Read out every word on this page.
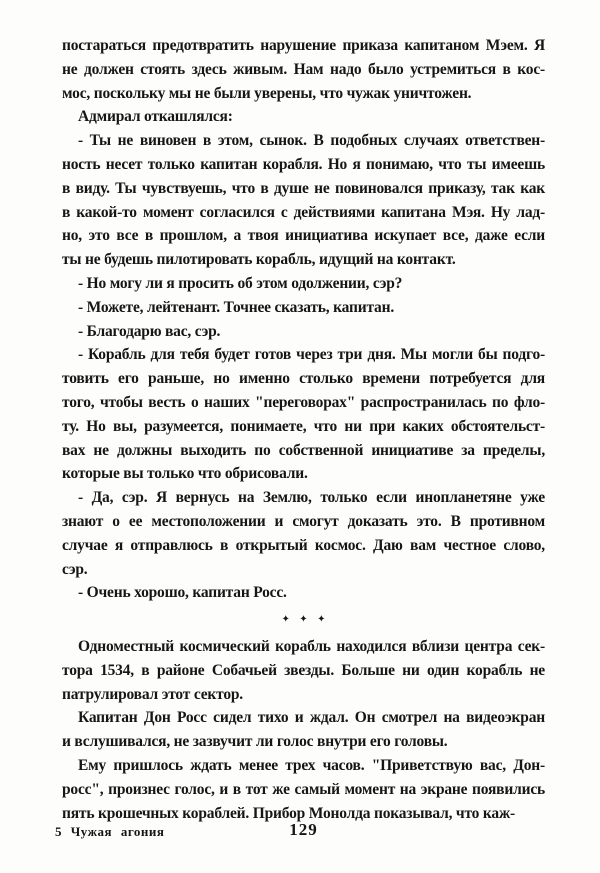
постараться предотвратить нарушение приказа капитаном Мэем. Я
не должен стоять здесь живым. Нам надо было устремиться в кос-
мос, поскольку мы не были уверены, что чужак уничтожен.
Адмирал откашлялся:
- Ты не виновен в этом, сынок. В подобных случаях ответствен-
ность несет только капитан корабля. Но я понимаю, что ты имеешь
в виду. Ты чувствуешь, что в душе не повиновался приказу, так как
в какой-то момент согласился с действиями капитана Мэя. Ну лад-
но, это все в прошлом, а твоя инициатива искупает все, даже если
ты не будешь пилотировать корабль, идущий на контакт.
- Но могу ли я просить об этом одолжении, сэр?
- Можете, лейтенант. Точнее сказать, капитан.
- Благодарю вас, сэр.
- Корабль для тебя будет готов через три дня. Мы могли бы подго-
товить его раньше, но именно столько времени потребуется для
того, чтобы весть о наших "переговорах" распространилась по фло-
ту. Но вы, разумеется, понимаете, что ни при каких обстоятельст-
вах не должны выходить по собственной инициативе за пределы,
которые вы только что обрисовали.
- Да, сэр. Я вернусь на Землю, только если инопланетяне уже
знают о ее местоположении и смогут доказать это. В противном
случае я отправлюсь в открытый космос. Даю вам честное слово,
сэр.
- Очень хорошо, капитан Росс.
✦ ✦ ✦
Одноместный космический корабль находился вблизи центра сек-
тора 1534, в районе Собачьей звезды. Больше ни один корабль не
патрулировал этот сектор.
Капитан Дон Росс сидел тихо и ждал. Он смотрел на видеоэкран
и вслушивался, не зазвучит ли голос внутри его головы.
Ему пришлось ждать менее трех часов. "Приветствую вас, Дон-
росс", произнес голос, и в тот же самый момент на экране появились
пять крошечных кораблей. Прибор Монолда показывал, что каж-
129
5 Чужая агония
